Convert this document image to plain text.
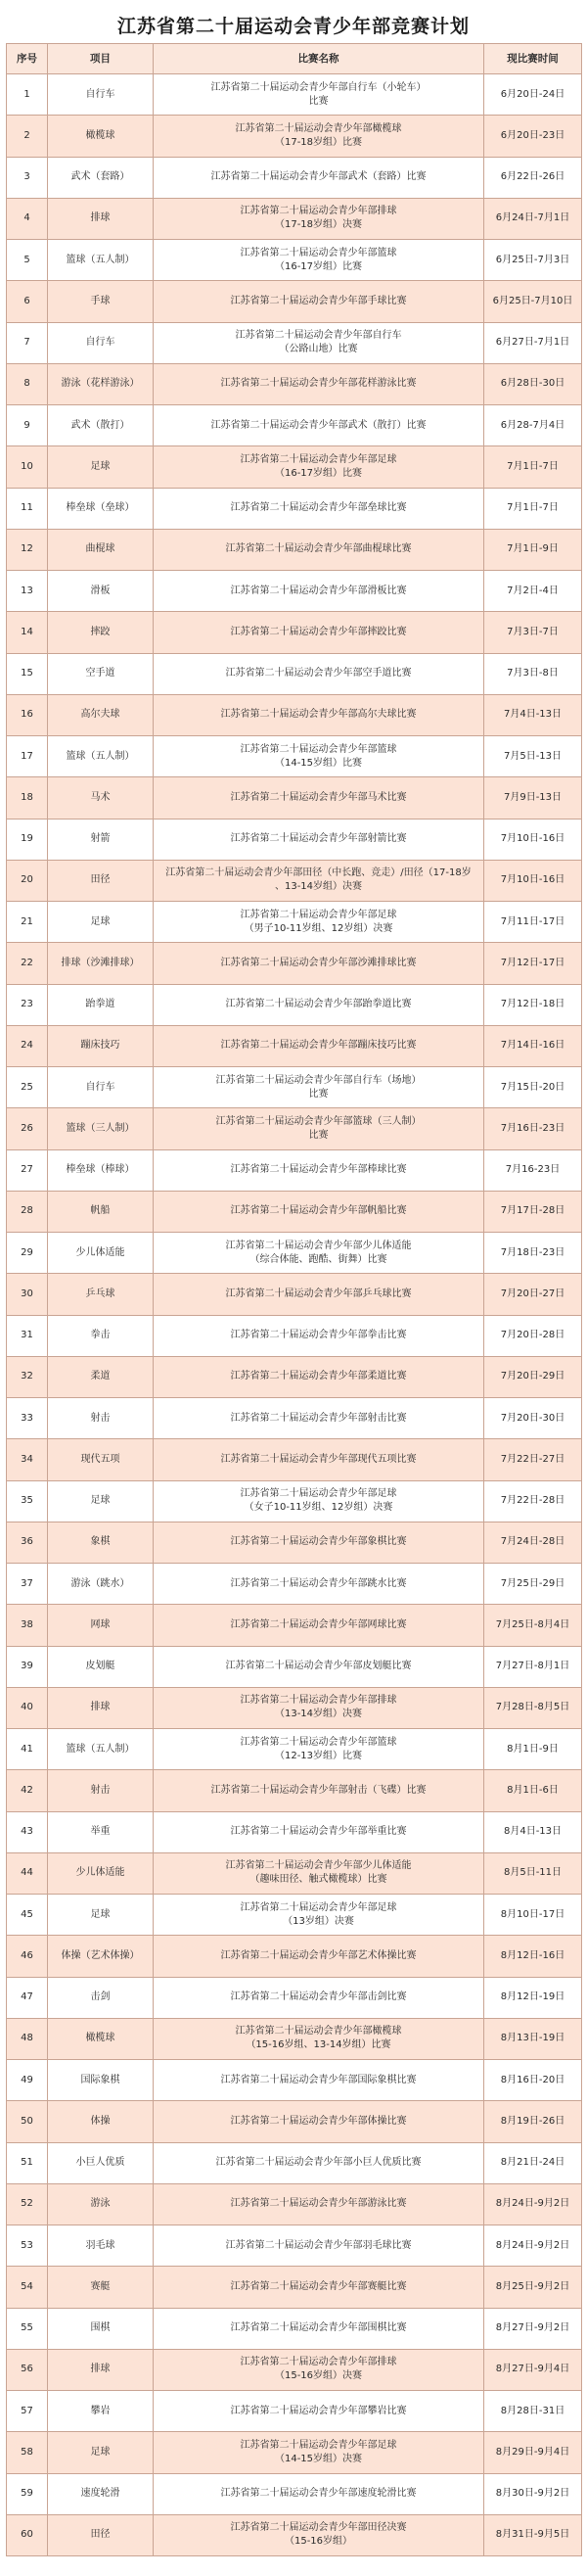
江苏省第二十届运动会青少年部竞赛计划
序号	项目	比赛名称	现比赛时间
1	自行车	江苏省第二十届运动会青少年部自行车（小轮车）
比赛	6月20日-24日
2	橄榄球	江苏省第二十届运动会青少年部橄榄球
（17-18岁组）比赛	6月20日-23日
3	武术（套路）	江苏省第二十届运动会青少年部武术（套路）比赛	6月22日-26日
4	排球	江苏省第二十届运动会青少年部排球
（17-18岁组）决赛	6月24日-7月1日
5	篮球（五人制）	江苏省第二十届运动会青少年部篮球
（16-17岁组）比赛	6月25日-7月3日
6	手球	江苏省第二十届运动会青少年部手球比赛	6月25日-7月10日
7	自行车	江苏省第二十届运动会青少年部自行车
（公路山地）比赛	6月27日-7月1日
8	游泳（花样游泳）	江苏省第二十届运动会青少年部花样游泳比赛	6月28日-30日
9	武术（散打）	江苏省第二十届运动会青少年部武术（散打）比赛	6月28-7月4日
10	足球	江苏省第二十届运动会青少年部足球
（16-17岁组）比赛	7月1日-7日
11	棒垒球（垒球）	江苏省第二十届运动会青少年部垒球比赛	7月1日-7日
12	曲棍球	江苏省第二十届运动会青少年部曲棍球比赛	7月1日-9日
13	滑板	江苏省第二十届运动会青少年部滑板比赛	7月2日-4日
14	摔跤	江苏省第二十届运动会青少年部摔跤比赛	7月3日-7日
15	空手道	江苏省第二十届运动会青少年部空手道比赛	7月3日-8日
16	高尔夫球	江苏省第二十届运动会青少年部高尔夫球比赛	7月4日-13日
17	篮球（五人制）	江苏省第二十届运动会青少年部篮球
（14-15岁组）比赛	7月5日-13日
18	马术	江苏省第二十届运动会青少年部马术比赛	7月9日-13日
19	射箭	江苏省第二十届运动会青少年部射箭比赛	7月10日-16日
20	田径	江苏省第二十届运动会青少年部田径（中长跑、竞走）/田径（17-18岁
、13-14岁组）决赛	7月10日-16日
21	足球	江苏省第二十届运动会青少年部足球
（男子10-11岁组、12岁组）决赛	7月11日-17日
22	排球（沙滩排球）	江苏省第二十届运动会青少年部沙滩排球比赛	7月12日-17日
23	跆拳道	江苏省第二十届运动会青少年部跆拳道比赛	7月12日-18日
24	蹦床技巧	江苏省第二十届运动会青少年部蹦床技巧比赛	7月14日-16日
25	自行车	江苏省第二十届运动会青少年部自行车（场地）
比赛	7月15日-20日
26	篮球（三人制）	江苏省第二十届运动会青少年部篮球（三人制）
比赛	7月16日-23日
27	棒垒球（棒球）	江苏省第二十届运动会青少年部棒球比赛	7月16-23日
28	帆船	江苏省第二十届运动会青少年部帆船比赛	7月17日-28日
29	少儿体适能	江苏省第二十届运动会青少年部少儿体适能
（综合体能、跑酷、街舞）比赛	7月18日-23日
30	乒乓球	江苏省第二十届运动会青少年部乒乓球比赛	7月20日-27日
31	拳击	江苏省第二十届运动会青少年部拳击比赛	7月20日-28日
32	柔道	江苏省第二十届运动会青少年部柔道比赛	7月20日-29日
33	射击	江苏省第二十届运动会青少年部射击比赛	7月20日-30日
34	现代五项	江苏省第二十届运动会青少年部现代五项比赛	7月22日-27日
35	足球	江苏省第二十届运动会青少年部足球
（女子10-11岁组、12岁组）决赛	7月22日-28日
36	象棋	江苏省第二十届运动会青少年部象棋比赛	7月24日-28日
37	游泳（跳水）	江苏省第二十届运动会青少年部跳水比赛	7月25日-29日
38	网球	江苏省第二十届运动会青少年部网球比赛	7月25日-8月4日
39	皮划艇	江苏省第二十届运动会青少年部皮划艇比赛	7月27日-8月1日
40	排球	江苏省第二十届运动会青少年部排球
（13-14岁组）决赛	7月28日-8月5日
41	篮球（五人制）	江苏省第二十届运动会青少年部篮球
（12-13岁组）比赛	8月1日-9日
42	射击	江苏省第二十届运动会青少年部射击（飞碟）比赛	8月1日-6日
43	举重	江苏省第二十届运动会青少年部举重比赛	8月4日-13日
44	少儿体适能	江苏省第二十届运动会青少年部少儿体适能
（趣味田径、触式橄榄球）比赛	8月5日-11日
45	足球	江苏省第二十届运动会青少年部足球
（13岁组）决赛	8月10日-17日
46	体操（艺术体操）	江苏省第二十届运动会青少年部艺术体操比赛	8月12日-16日
47	击剑	江苏省第二十届运动会青少年部击剑比赛	8月12日-19日
48	橄榄球	江苏省第二十届运动会青少年部橄榄球
（15-16岁组、13-14岁组）比赛	8月13日-19日
49	国际象棋	江苏省第二十届运动会青少年部国际象棋比赛	8月16日-20日
50	体操	江苏省第二十届运动会青少年部体操比赛	8月19日-26日
51	小巨人优质	江苏省第二十届运动会青少年部小巨人优质比赛	8月21日-24日
52	游泳	江苏省第二十届运动会青少年部游泳比赛	8月24日-9月2日
53	羽毛球	江苏省第二十届运动会青少年部羽毛球比赛	8月24日-9月2日
54	赛艇	江苏省第二十届运动会青少年部赛艇比赛	8月25日-9月2日
55	围棋	江苏省第二十届运动会青少年部围棋比赛	8月27日-9月2日
56	排球	江苏省第二十届运动会青少年部排球
（15-16岁组）决赛	8月27日-9月4日
57	攀岩	江苏省第二十届运动会青少年部攀岩比赛	8月28日-31日
58	足球	江苏省第二十届运动会青少年部足球
（14-15岁组）决赛	8月29日-9月4日
59	速度轮滑	江苏省第二十届运动会青少年部速度轮滑比赛	8月30日-9月2日
60	田径	江苏省第二十届运动会青少年部田径决赛
（15-16岁组）	8月31日-9月5日
